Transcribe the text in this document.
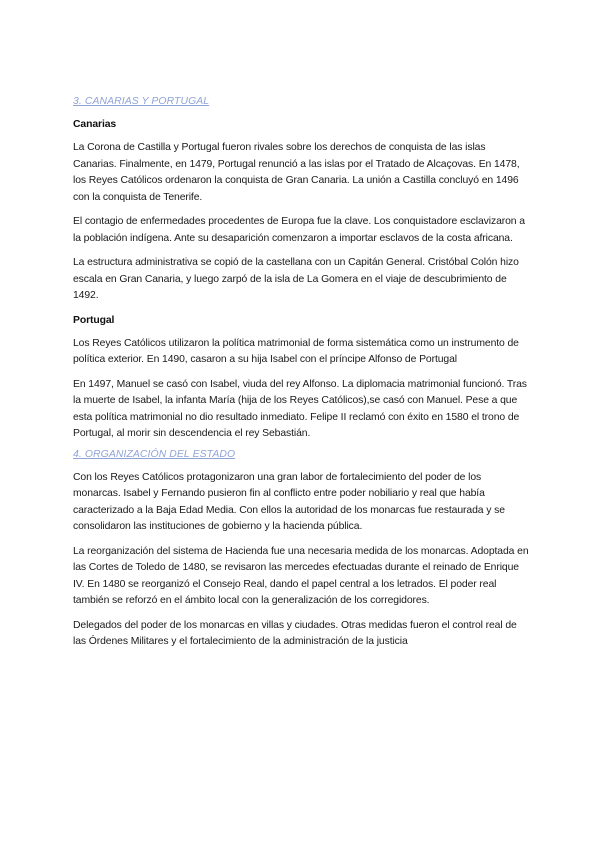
3. CANARIAS Y PORTUGAL
Canarias

La Corona de Castilla y Portugal fueron rivales sobre los derechos de conquista de las islas Canarias. Finalmente, en 1479, Portugal renunció a las islas por el Tratado de Alcaçovas. En 1478, los Reyes Católicos ordenaron la conquista de Gran Canaria. La unión a Castilla concluyó en 1496 con la conquista de Tenerife.

El contagio de enfermedades procedentes de Europa fue la clave. Los conquistadore esclavizaron a la población indígena. Ante su desaparición comenzaron a importar esclavos de la costa africana.

La estructura administrativa se copió de la castellana con un Capitán General. Cristóbal Colón hizo escala en Gran Canaria, y luego zarpó de la isla de La Gomera en el viaje de descubrimiento de 1492.

Portugal

Los Reyes Católicos utilizaron la política matrimonial de forma sistemática como un instrumento de política exterior. En 1490, casaron a su hija Isabel con el príncipe Alfonso de Portugal

En 1497, Manuel se casó con Isabel, viuda del rey Alfonso. La diplomacia matrimonial funcionó. Tras la muerte de Isabel, la infanta María (hija de los Reyes Católicos),se casó con Manuel. Pese a que esta política matrimonial no dio resultado inmediato. Felipe II reclamó con éxito en 1580 el trono de Portugal, al morir sin descendencia el rey Sebastián.

4. ORGANIZACIÓN DEL ESTADO

Con los Reyes Católicos protagonizaron una gran labor de fortalecimiento del poder de los monarcas. Isabel y Fernando pusieron fin al conflicto entre poder nobiliario y real que había caracterizado a la Baja Edad Media. Con ellos la autoridad de los monarcas fue restaurada y se consolidaron las instituciones de gobierno y la hacienda pública.

La reorganización del sistema de Hacienda fue una necesaria medida de los monarcas. Adoptada en las Cortes de Toledo de 1480, se revisaron las mercedes efectuadas durante el reinado de Enrique IV. En 1480 se reorganizó el Consejo Real, dando el papel central a los letrados. El poder real también se reforzó en el ámbito local con la generalización de los corregidores.

Delegados del poder de los monarcas en villas y ciudades. Otras medidas fueron el control real de las Órdenes Militares y el fortalecimiento de la administración de la justicia
